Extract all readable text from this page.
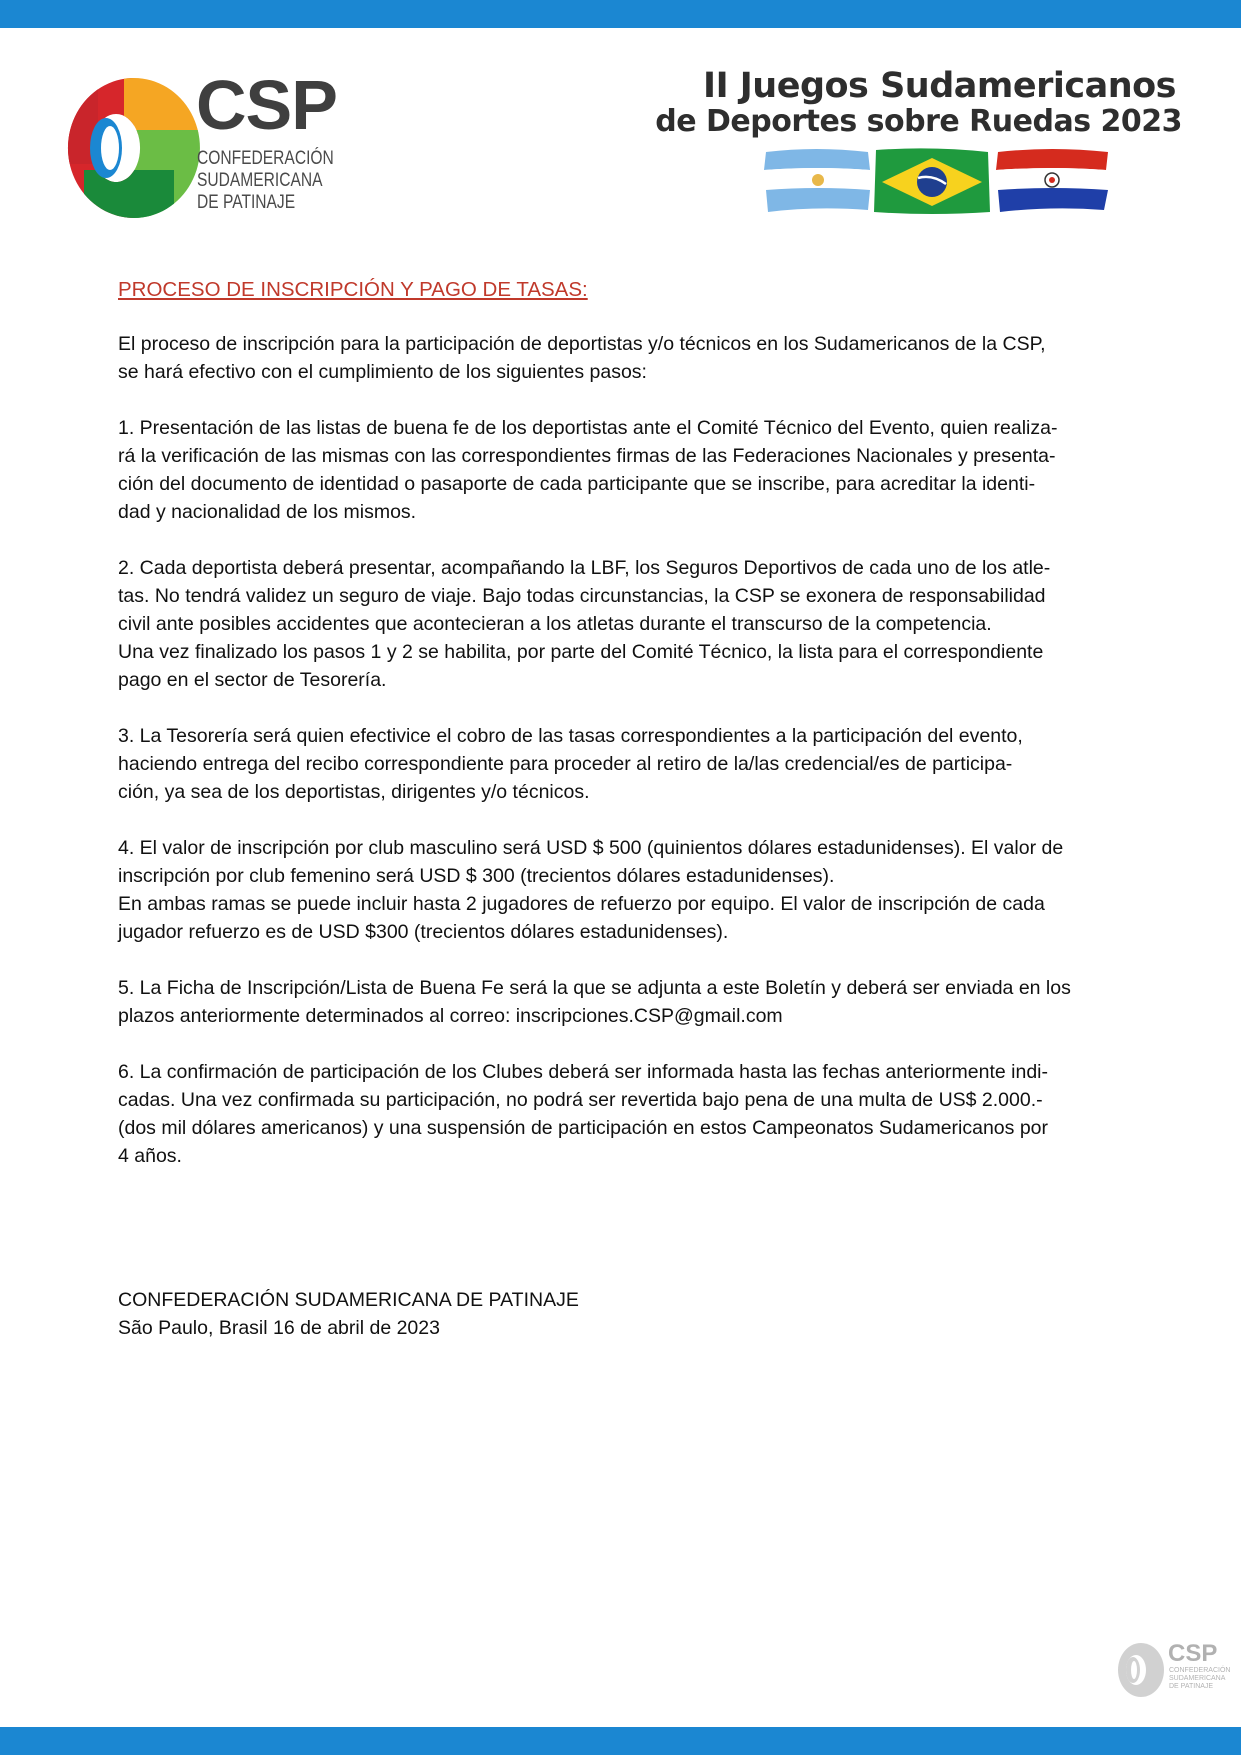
CSP
CONFEDERACIÓN
SUDAMERICANA
DE PATINAJE
II Juegos Sudamericanos
de Deportes sobre Ruedas 2023
PROCESO DE INSCRIPCIÓN Y PAGO DE TASAS:
El proceso de inscripción para la participación de deportistas y/o técnicos en los Sudamericanos de la CSP,
se hará efectivo con el cumplimiento de los siguientes pasos:
1. Presentación de las listas de buena fe de los deportistas ante el Comité Técnico del Evento, quien realiza-
rá la verificación de las mismas con las correspondientes firmas de las Federaciones Nacionales y presenta-
ción del documento de identidad o pasaporte de cada participante que se inscribe, para acreditar la identi-
dad y nacionalidad de los mismos.
2. Cada deportista deberá presentar, acompañando la LBF, los Seguros Deportivos de cada uno de los atle-
tas. No tendrá validez un seguro de viaje. Bajo todas circunstancias, la CSP se exonera de responsabilidad
civil ante posibles accidentes que acontecieran a los atletas durante el transcurso de la competencia.
Una vez finalizado los pasos 1 y 2 se habilita, por parte del Comité Técnico, la lista para el correspondiente
pago en el sector de Tesorería.
3. La Tesorería será quien efectivice el cobro de las tasas correspondientes a la participación del evento,
haciendo entrega del recibo correspondiente para proceder al retiro de la/las credencial/es de participa-
ción, ya sea de los deportistas, dirigentes y/o técnicos.
4. El valor de inscripción por club masculino será USD $ 500 (quinientos dólares estadunidenses). El valor de
inscripción por club femenino será USD $ 300 (trecientos dólares estadunidenses).
En ambas ramas se puede incluir hasta 2 jugadores de refuerzo por equipo. El valor de inscripción de cada
jugador refuerzo es de USD $300 (trecientos dólares estadunidenses).
5. La Ficha de Inscripción/Lista de Buena Fe será la que se adjunta a este Boletín y deberá ser enviada en los
plazos anteriormente determinados al correo: inscripciones.CSP@gmail.com
6. La confirmación de participación de los Clubes deberá ser informada hasta las fechas anteriormente indi-
cadas. Una vez confirmada su participación, no podrá ser revertida bajo pena de una multa de US$ 2.000.-
(dos mil dólares americanos) y una suspensión de participación en estos Campeonatos Sudamericanos por
4 años.
CONFEDERACIÓN SUDAMERICANA DE PATINAJE
São Paulo, Brasil 16 de abril de 2023
CSP
CONFEDERACIÓN
SUDAMERICANA
DE PATINAJE
